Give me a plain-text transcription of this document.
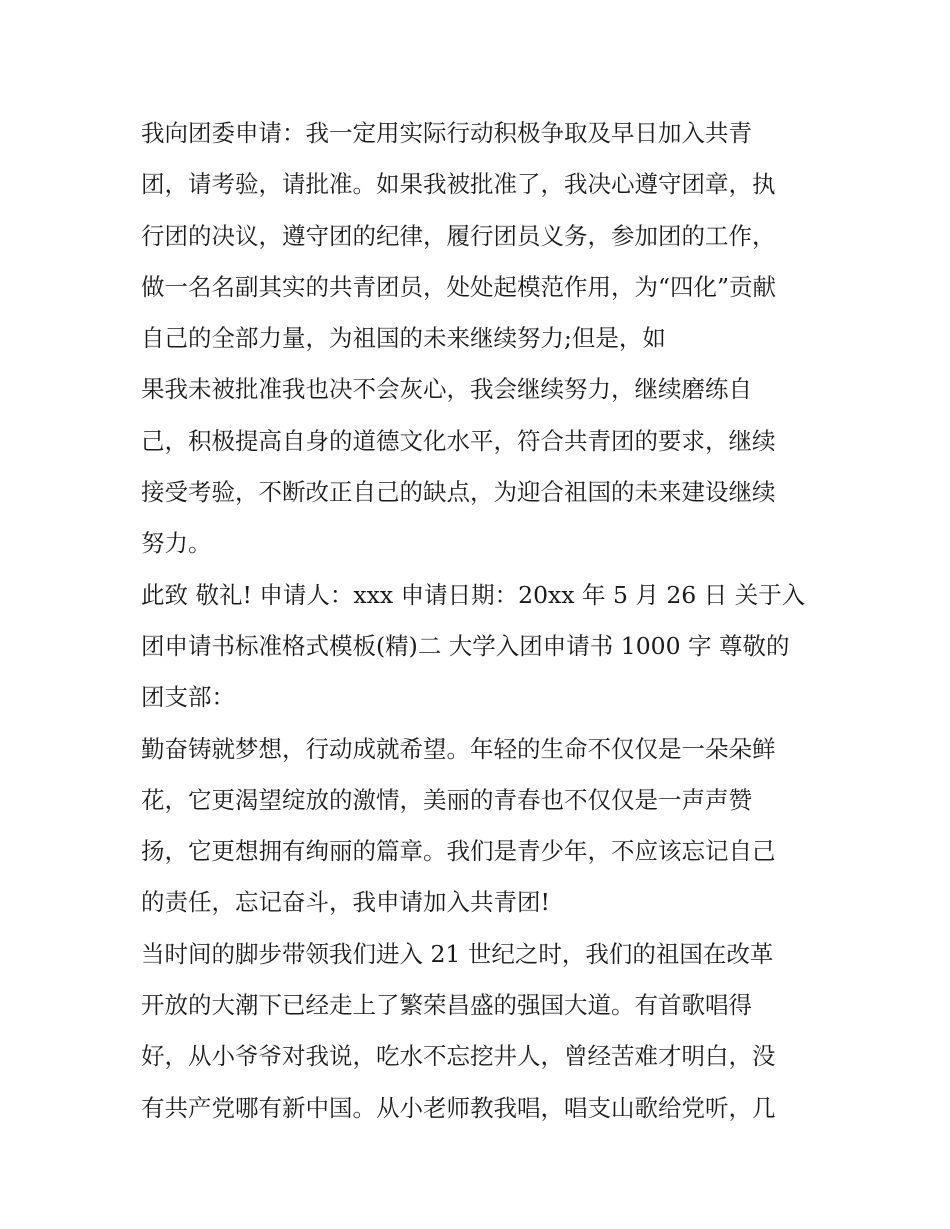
我向团委申请：我一定用实际行动积极争取及早日加入共青
团，请考验，请批准。如果我被批准了，我决心遵守团章，执
行团的决议，遵守团的纪律，履行团员义务，参加团的工作，
做一名名副其实的共青团员，处处起模范作用，为“四化”贡献
自己的全部力量，为祖国的未来继续努力;但是，如
果我未被批准我也决不会灰心，我会继续努力，继续磨练自
己，积极提高自身的道德文化水平，符合共青团的要求，继续
接受考验，不断改正自己的缺点，为迎合祖国的未来建设继续
努力。
此致 敬礼! 申请人：xxx 申请日期：20xx 年 5 月 26 日 关于入
团申请书标准格式模板(精)二 大学入团申请书 1000 字 尊敬的
团支部：
勤奋铸就梦想，行动成就希望。年轻的生命不仅仅是一朵朵鲜
花，它更渴望绽放的激情，美丽的青春也不仅仅是一声声赞
扬，它更想拥有绚丽的篇章。我们是青少年，不应该忘记自己
的责任，忘记奋斗，我申请加入共青团!
当时间的脚步带领我们进入 21 世纪之时，我们的祖国在改革
开放的大潮下已经走上了繁荣昌盛的强国大道。有首歌唱得
好，从小爷爷对我说，吃水不忘挖井人，曾经苦难才明白，没
有共产党哪有新中国。从小老师教我唱，唱支山歌给党听，几
